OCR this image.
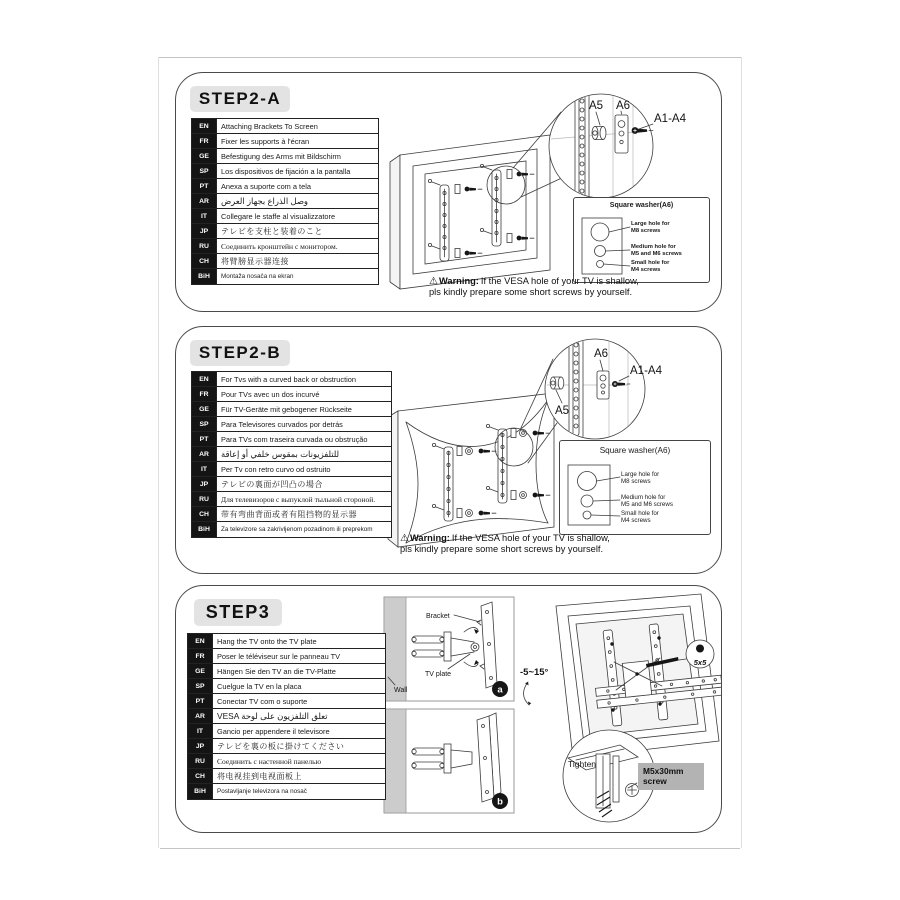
A5 A6
A1-A4
STEP2-A
EN	Attaching Brackets To Screen
FR	Fixer les supports à l'écran
GE	Befestigung des Arms mit Bildschirm
SP	Los dispositivos de fijación a la pantalla
PT	Anexa a suporte com a tela
AR	وصل الذراع بجهاز العرض
IT	Collegare le staffe al visualizzatore
JP	テレビを支柱と装着のこと
RU	Соединить кронштейн с монитором.
CH	将臂膀显示器连接
BiH	Montaža nosača na ekran
Square washer(A6)
Large hole for
M8 screws
Medium hole for
M5 and M6 screws
Small hole for
M4 screws
⚠Warning: If the VESA hole of your TV is shallow, pls kindly prepare some short screws by yourself.
A6
A5
A1-A4
STEP2-B
EN	For Tvs with a curved back or obstruction
FR	Pour TVs avec un dos incurvé
GE	Für TV-Geräte mit gebogener Rückseite
SP	Para Televisores curvados por detrás
PT	Para TVs com traseira curvada ou obstrução
AR	للتلفزيونات بمقوس خلفي أو إعاقة
IT	Per Tv con retro curvo od ostruito
JP	テレビの裏面が凹凸の場合
RU	Для телевизоров с выпуклой тыльной стороной.
CH	带有弯曲背面或者有阻挡物的显示器
BiH	Za televizore sa zakrivljenom pozadinom ili preprekom
Square washer(A6)
Large hole for
M8 screws
Medium hole for
M5 and M6 screws
Small hole for
M4 screws
⚠Warning: If the VESA hole of your TV is shallow, pls kindly prepare some short screws by yourself.
Bracket
TV plate
Wall	a
b
-5~15°
5x5
Tighten
STEP3
EN	Hang the TV onto the TV plate
FR	Poser le téléviseur sur le panneau TV
GE	Hängen Sie den TV an die TV-Platte
SP	Cuelgue la TV en la placa
PT	Conectar TV com o suporte
AR	VESA تعلق التلفزيون على لوحة
IT	Gancio per appendere il televisore
JP	テレビを裏の板に掛けてください
RU	Соединить с настенной панелью
CH	将电视挂到电视面板上
BiH	Postavljanje televizora na nosač
M5x30mm
screw
